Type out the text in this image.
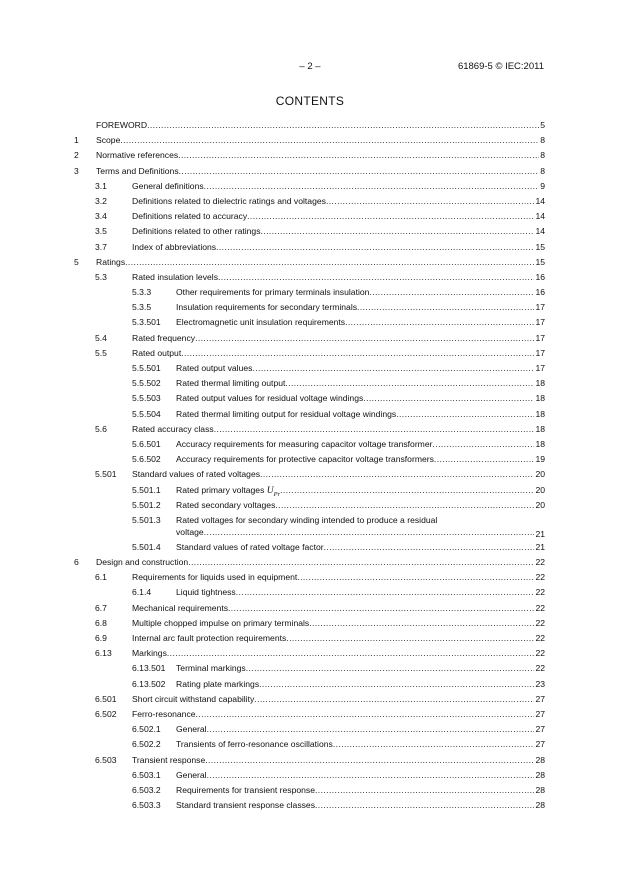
– 2 –	61869-5 © IEC:2011
CONTENTS
FOREWORD .....	5
1	Scope .....	8
2	Normative references .....	8
3	Terms and Definitions .....	8
3.1	General definitions .....	9
3.2	Definitions related to dielectric ratings and voltages .....	14
3.4	Definitions related to accuracy .....	14
3.5	Definitions related to other ratings .....	14
3.7	Index of abbreviations .....	15
5	Ratings .....	15
5.3	Rated insulation levels .....	16
5.3.3	Other requirements for primary terminals insulation .....	16
5.3.5	Insulation requirements for secondary terminals .....	17
5.3.501	Electromagnetic unit insulation requirements .....	17
5.4	Rated frequency .....	17
5.5	Rated output .....	17
5.5.501	Rated output values .....	17
5.5.502	Rated thermal limiting output .....	18
5.5.503	Rated output values for residual voltage windings .....	18
5.5.504	Rated thermal limiting output for residual voltage windings .....	18
5.6	Rated accuracy class .....	18
5.6.501	Accuracy requirements for measuring capacitor voltage transformer .....	18
5.6.502	Accuracy requirements for protective capacitor voltage transformers .....	19
5.501	Standard values of rated voltages .....	20
5.501.1	Rated primary voltages $U_{Pr}$ .....	20
5.501.2	Rated secondary voltages .....	20
5.501.3	Rated voltages for secondary winding intended to produce a residual
voltage .....	21
5.501.4	Standard values of rated voltage factor .....	21
6	Design and construction .....	22
6.1	Requirements for liquids used in equipment .....	22
6.1.4	Liquid tightness .....	22
6.7	Mechanical requirements .....	22
6.8	Multiple chopped impulse on primary terminals .....	22
6.9	Internal arc fault protection requirements .....	22
6.13	Markings .....	22
6.13.501	Terminal markings .....	22
6.13.502	Rating plate markings .....	23
6.501	Short circuit withstand capability .....	27
6.502	Ferro-resonance .....	27
6.502.1	General .....	27
6.502.2	Transients of ferro-resonance oscillations .....	27
6.503	Transient response .....	28
6.503.1	General .....	28
6.503.2	Requirements for transient response .....	28
6.503.3	Standard transient response classes .....	28
